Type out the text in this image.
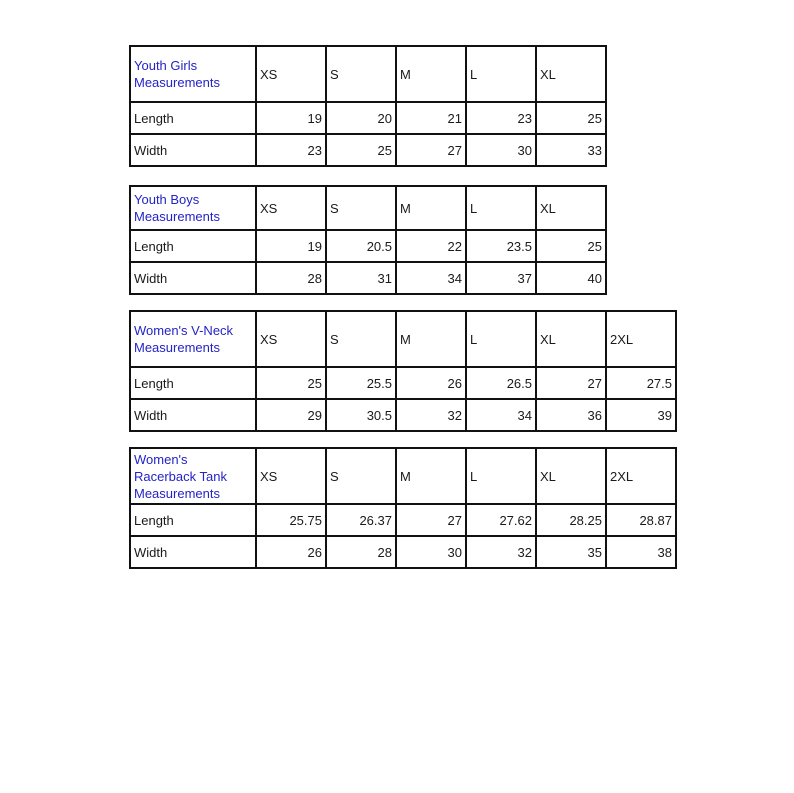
Youth Girls Measurements	XS	S	M	L	XL
Length	19	20	21	23	25
Width	23	25	27	30	33
Youth Boys Measurements	XS	S	M	L	XL
Length	19	20.5	22	23.5	25
Width	28	31	34	37	40
Women's V-Neck Measurements	XS	S	M	L	XL	2XL
Length	25	25.5	26	26.5	27	27.5
Width	29	30.5	32	34	36	39
Women's Racerback Tank Measurements	XS	S	M	L	XL	2XL
Length	25.75	26.37	27	27.62	28.25	28.87
Width	26	28	30	32	35	38
